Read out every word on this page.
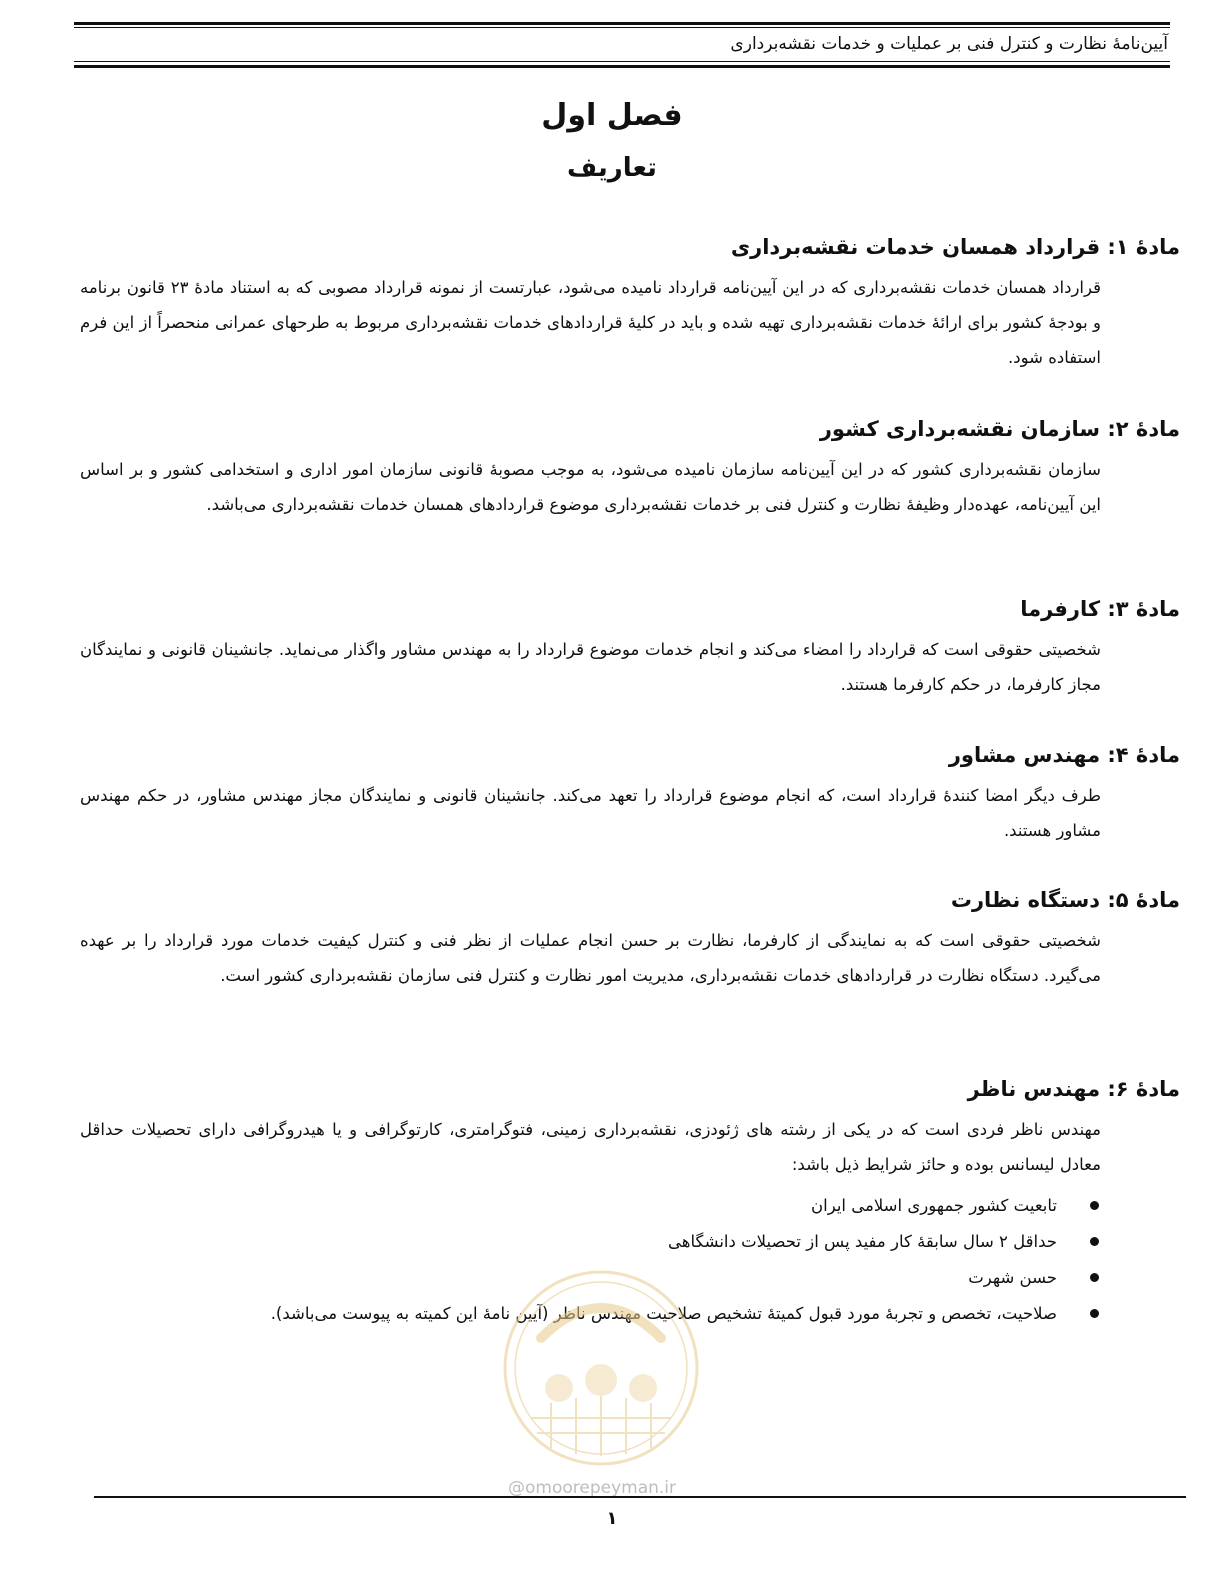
آیین‌نامهٔ نظارت و کنترل فنی بر عملیات و خدمات نقشه‌برداری
فصل اول
تعاریف
مادهٔ ۱: قرارداد همسان خدمات نقشه‌برداری

قرارداد همسان خدمات نقشه‌برداری که در این آیین‌نامه قرارداد نامیده می‌شود، عبارتست از نمونه قرارداد مصوبی که به استناد مادهٔ ۲۳ قانون برنامه و بودجهٔ کشور برای ارائهٔ خدمات نقشه‌برداری تهیه شده و باید در کلیهٔ قراردادهای خدمات نقشه‌برداری مربوط به طرحهای عمرانی منحصراً از این فرم استفاده شود.

مادهٔ ۲: سازمان نقشه‌برداری کشور

سازمان نقشه‌برداری کشور که در این آیین‌نامه سازمان نامیده می‌شود، به موجب مصوبهٔ قانونی سازمان امور اداری و استخدامی کشور و بر اساس این آیین‌نامه، عهده‌دار وظیفهٔ نظارت و کنترل فنی بر خدمات نقشه‌برداری موضوع قراردادهای همسان خدمات نقشه‌برداری می‌باشد.

مادهٔ ۳: کارفرما

شخصیتی حقوقی است که قرارداد را امضاء می‌کند و انجام خدمات موضوع قرارداد را به مهندس مشاور واگذار می‌نماید. جانشینان قانونی و نمایندگان مجاز کارفرما، در حکم کارفرما هستند.

مادهٔ ۴: مهندس مشاور

طرف دیگر امضا کنندهٔ قرارداد است، که انجام موضوع قرارداد را تعهد می‌کند. جانشینان قانونی و نمایندگان مجاز مهندس مشاور، در حکم مهندس مشاور هستند.

مادهٔ ۵: دستگاه نظارت

شخصیتی حقوقی است که به نمایندگی از کارفرما، نظارت بر حسن انجام عملیات از نظر فنی و کنترل کیفیت خدمات مورد قرارداد را بر عهده می‌گیرد. دستگاه نظارت در قراردادهای خدمات نقشه‌برداری، مدیریت امور نظارت و کنترل فنی سازمان نقشه‌برداری کشور است.

مادهٔ ۶: مهندس ناظر

مهندس ناظر فردی است که در یکی از رشته های ژئودزی، نقشه‌برداری زمینی، فتوگرامتری، کارتوگرافی و یا هیدروگرافی دارای تحصیلات حداقل معادل لیسانس بوده و حائز شرایط ذیل باشد:

تابعیت کشور جمهوری اسلامی ایران
حداقل ۲ سال سابقهٔ کار مفید پس از تحصیلات دانشگاهی
حسن شهرت
صلاحیت، تخصص و تجربهٔ مورد قبول کمیتهٔ تشخیص صلاحیت مهندس ناظر (آیین نامهٔ این کمیته به پیوست می‌باشد).
@omoorepeyman.ir
۱
